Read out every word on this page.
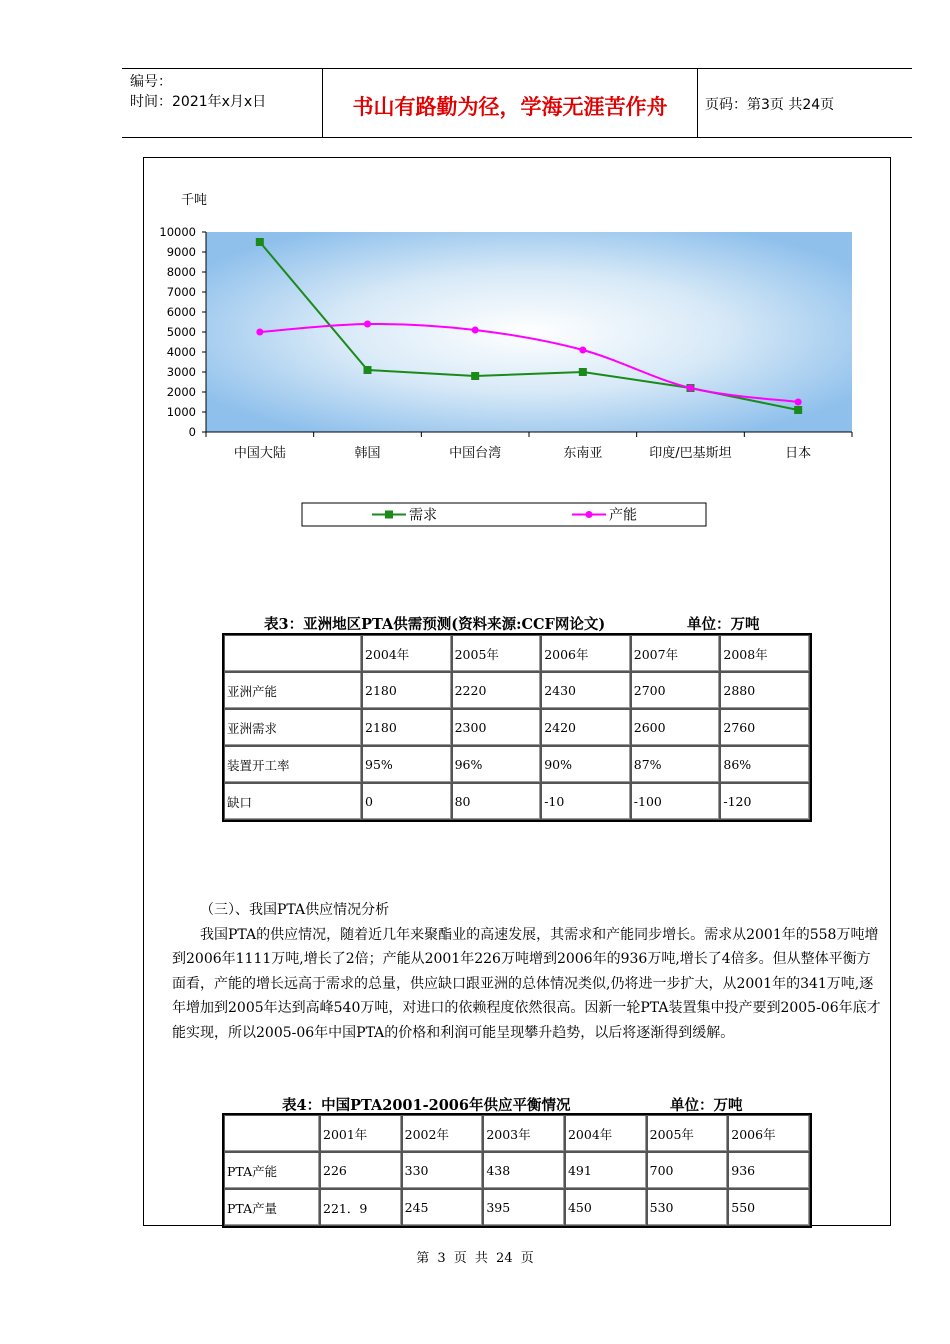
编号：
时间：2021年x月x日	书山有路勤为径，学海无涯苦作舟	页码：第3页 共24页
千吨
10000
9000
8000
7000
6000
5000
4000
3000
2000
1000
0
中国大陆	韩国	中国台湾	东南亚	印度/巴基斯坦	日本
需求	产能
表3：亚洲地区PTA供需预测(资料来源:CCF网论文)	单位：万吨
	2004年	2005年	2006年	2007年	2008年
亚洲产能	2180	2220	2430	2700	2880
亚洲需求	2180	2300	2420	2600	2760
装置开工率	95%	96%	90%	87%	86%
缺口	0	80	-10	-100	-120

（三）、我国PTA供应情况分析

我国PTA的供应情况，随着近几年来聚酯业的高速发展，其需求和产能同步增长。需求从2001年的558万吨增到2006年1111万吨,增长了2倍；产能从2001年226万吨增到2006年的936万吨,增长了4倍多。但从整体平衡方面看，产能的增长远高于需求的总量，供应缺口跟亚洲的总体情况类似,仍将进一步扩大，从2001年的341万吨,逐年增加到2005年达到高峰540万吨，对进口的依赖程度依然很高。因新一轮PTA装置集中投产要到2005-06年底才能实现，所以2005-06年中国PTA的价格和利润可能呈现攀升趋势，以后将逐渐得到缓解。

表4：中国PTA2001-2006年供应平衡情况	单位：万吨
	2001年	2002年	2003年	2004年	2005年	2006年
PTA产能	226	330	438	491	700	936
PTA产量	221．9	245	395	450	530	550
第 3 页 共 24 页
